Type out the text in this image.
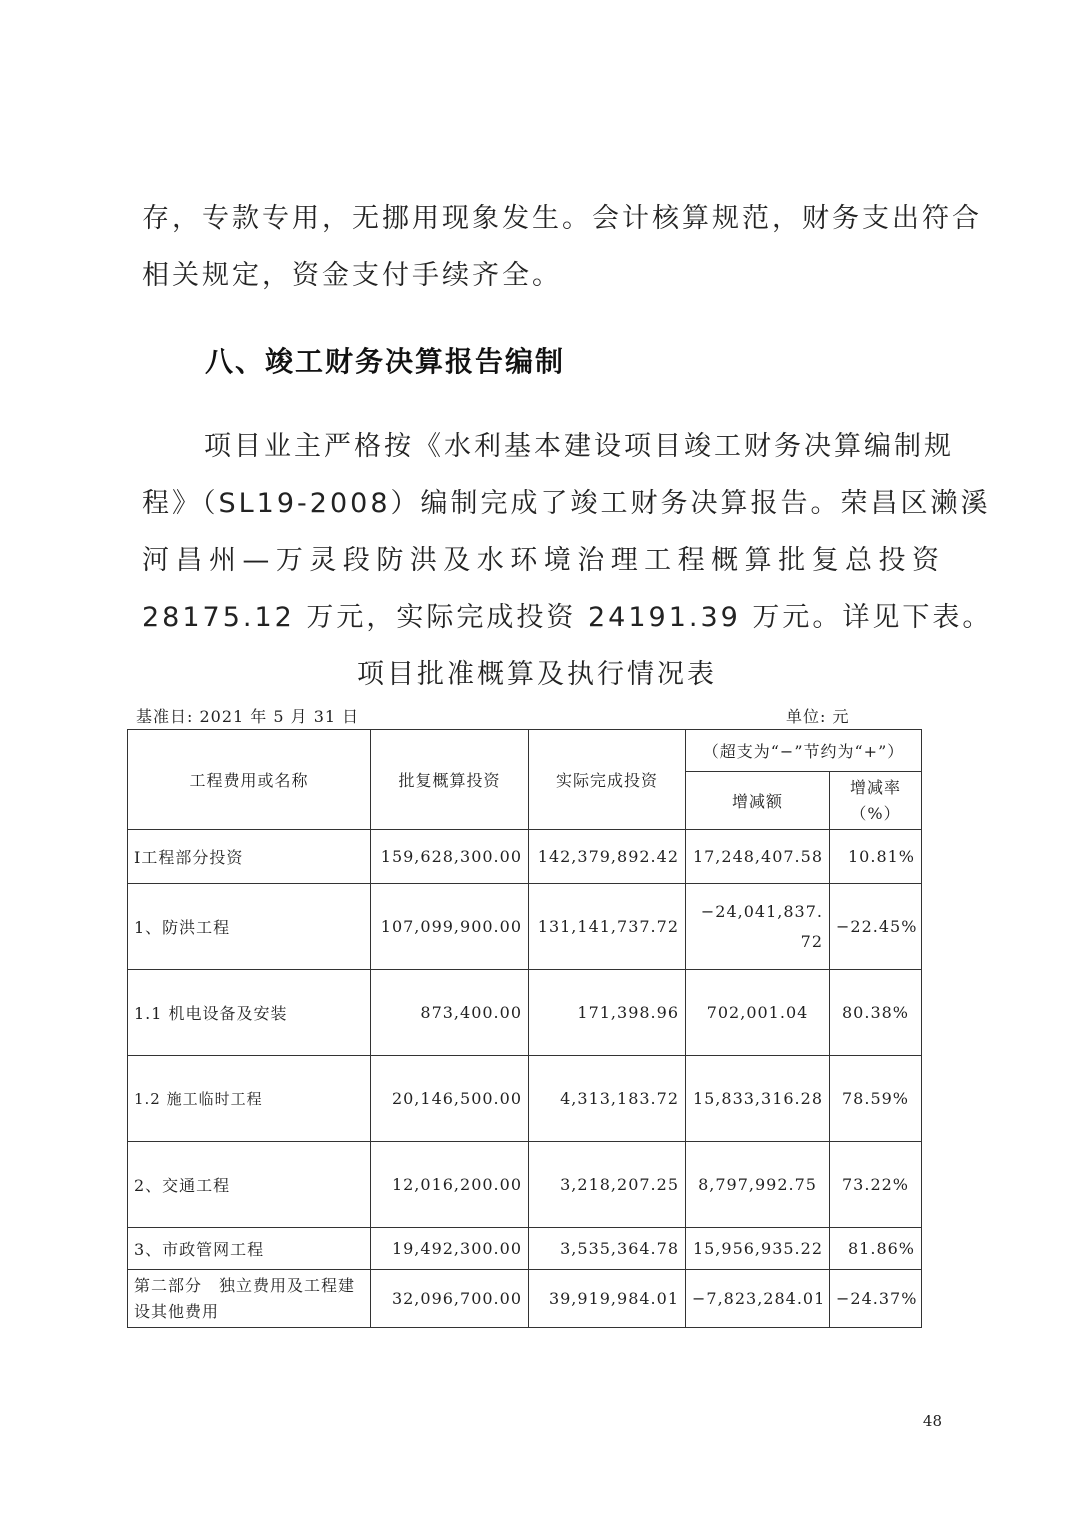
存，专款专用，无挪用现象发生。会计核算规范，财务支出符合
相关规定，资金支付手续齐全。
八、竣工财务决算报告编制
项目业主严格按《水利基本建设项目竣工财务决算编制规
程》（SL19-2008）编制完成了竣工财务决算报告。荣昌区濑溪
河昌州—万灵段防洪及水环境治理工程概算批复总投资
28175.12 万元，实际完成投资 24191.39 万元。详见下表。

项目批准概算及执行情况表

基准日: 2021 年 5 月 31 日	单位: 元
工程费用或名称	批复概算投资	实际完成投资	（超支为“−”节约为“+”）	
			增减额	增减率（%）
Ⅰ工程部分投资	159,628,300.00	142,379,892.42	17,248,407.58	10.81%
1、防洪工程	107,099,900.00	131,141,737.72	−24,041,837.72	−22.45%
1.1 机电设备及安装	873,400.00	171,398.96	702,001.04	80.38%
1.2 施工临时工程	20,146,500.00	4,313,183.72	15,833,316.28	78.59%
2、交通工程	12,016,200.00	3,218,207.25	8,797,992.75	73.22%
3、市政管网工程	19,492,300.00	3,535,364.78	15,956,935.22	81.86%
第二部分　独立费用及工程建设其他费用	32,096,700.00	39,919,984.01	−7,823,284.01	−24.37%
48
